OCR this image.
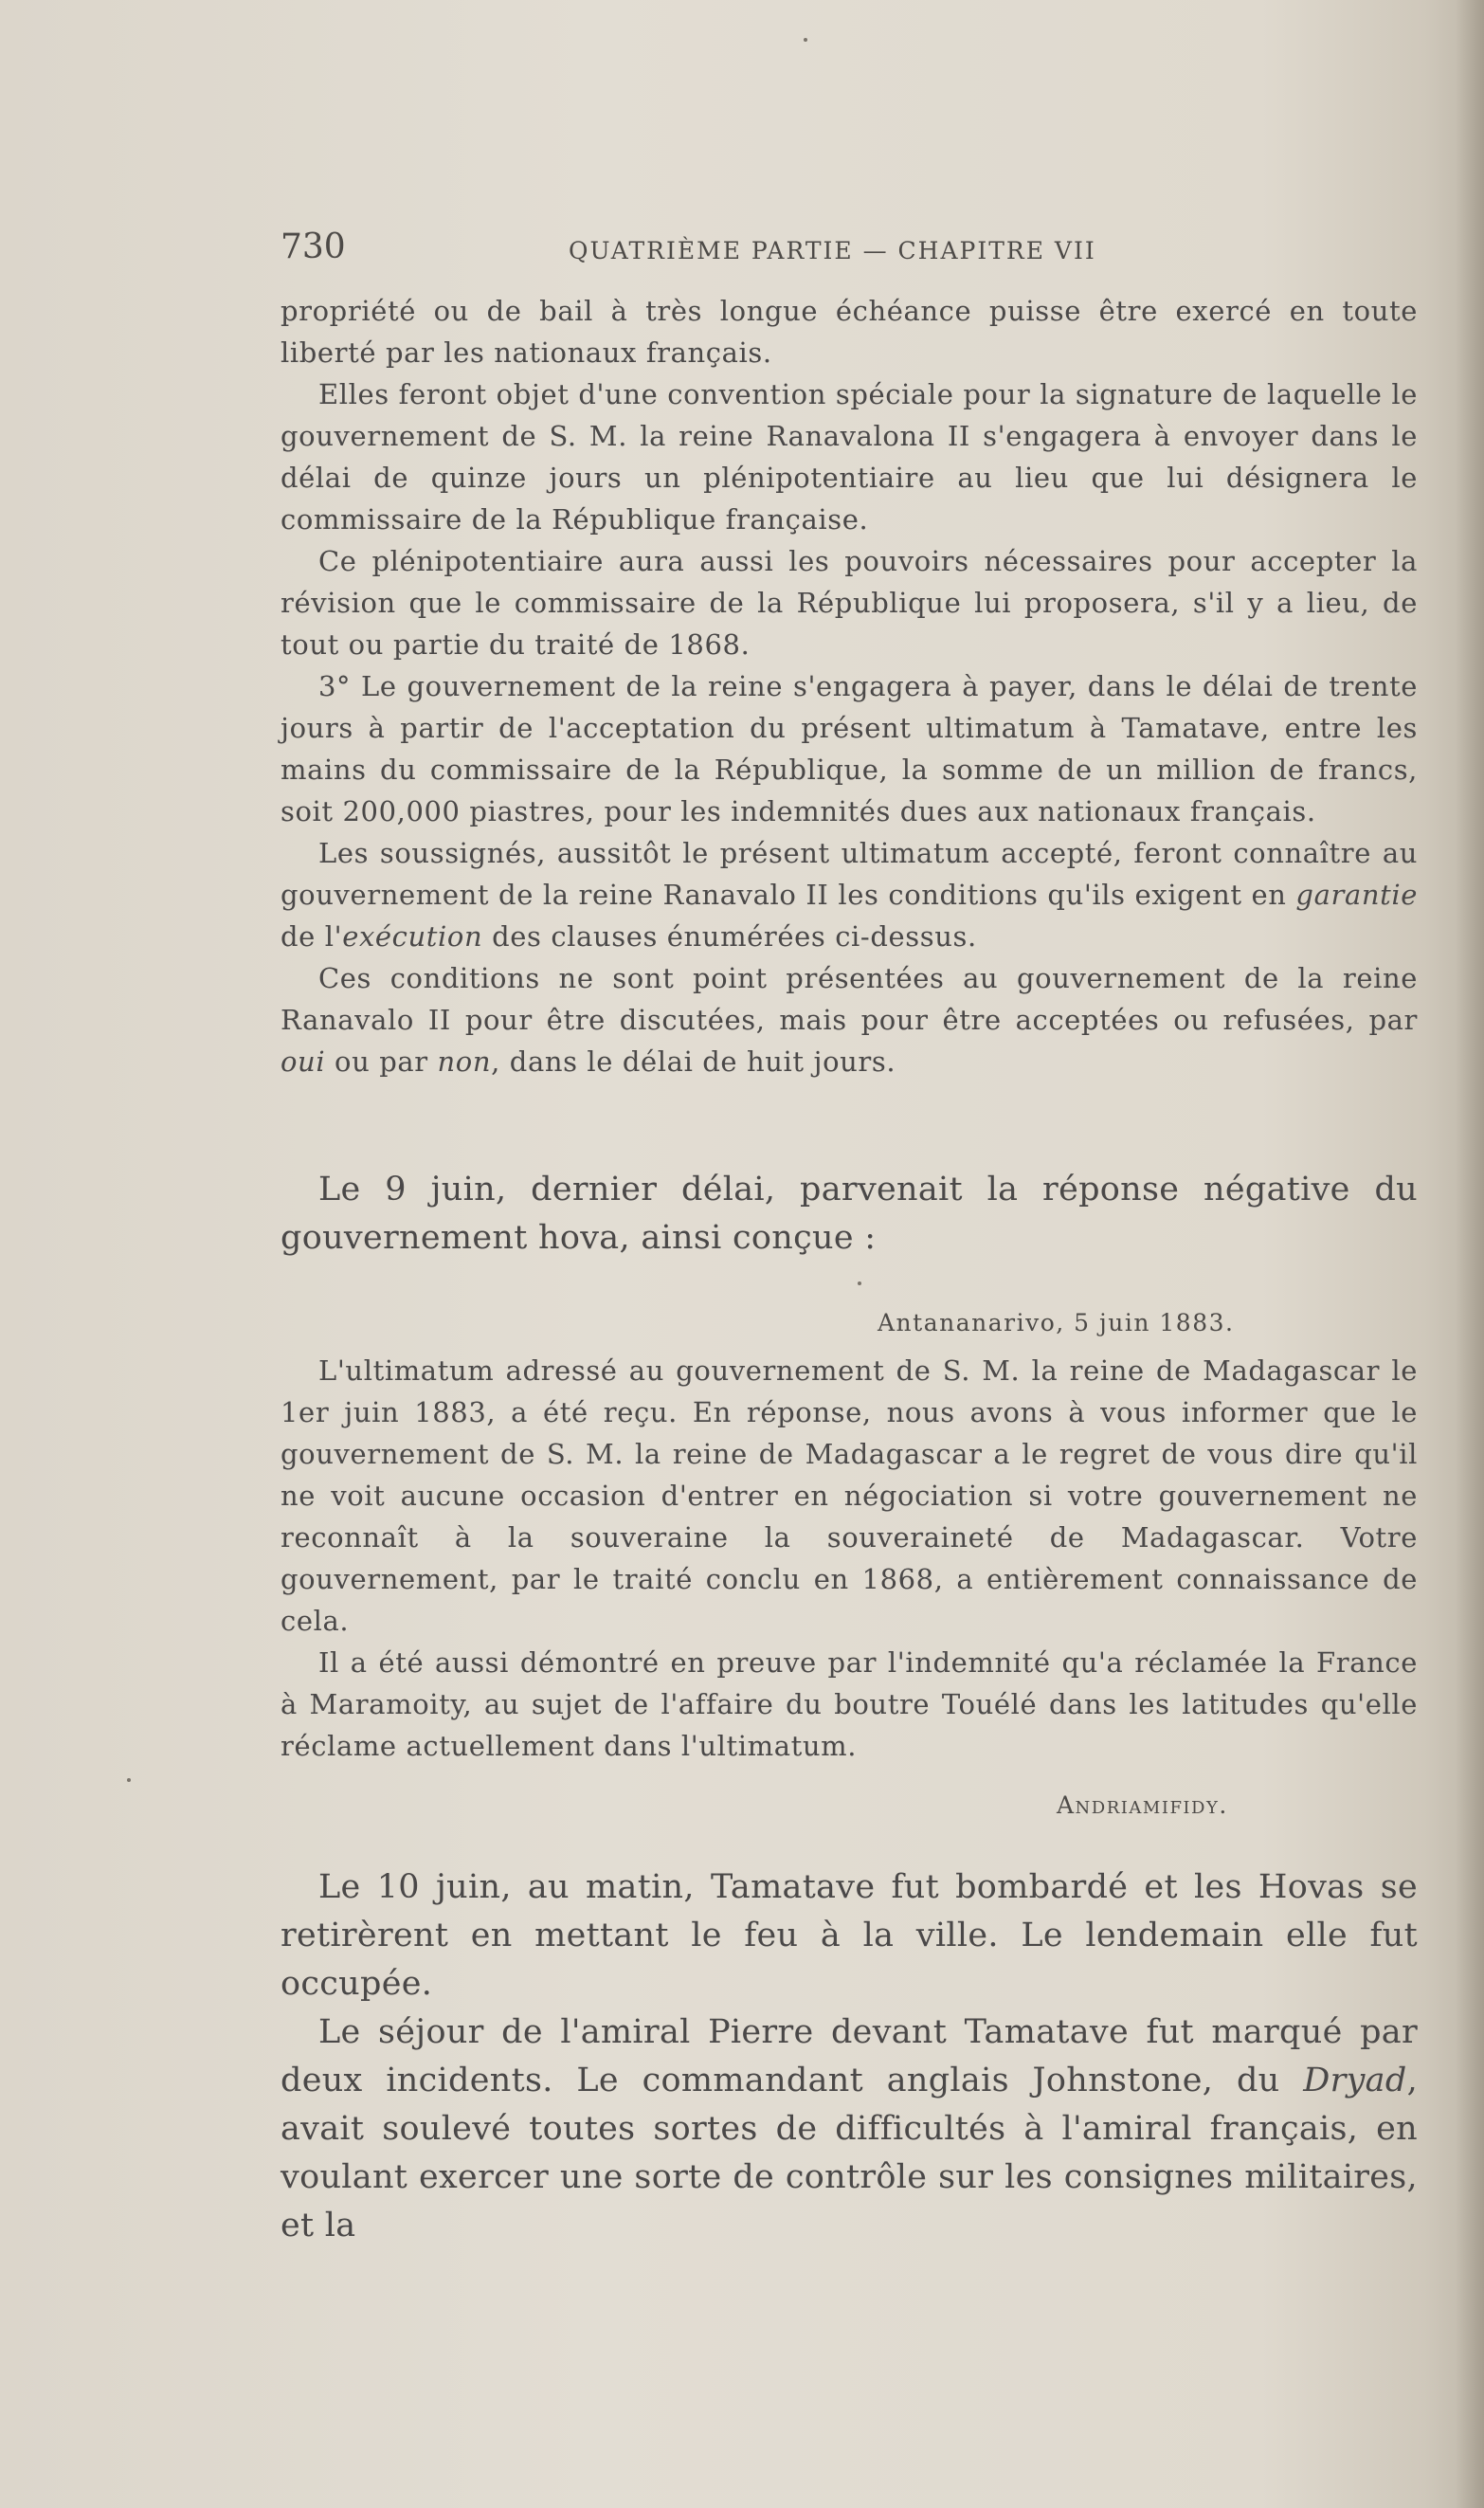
730	QUATRIÈME PARTIE — CHAPITRE VII

propriété ou de bail à très longue échéance puisse être exercé en toute liberté par les nationaux français.

Elles feront objet d'une convention spéciale pour la signature de laquelle le gouvernement de S. M. la reine Ranavalona II s'engagera à envoyer dans le délai de quinze jours un plénipotentiaire au lieu que lui désignera le commissaire de la République française.

Ce plénipotentiaire aura aussi les pouvoirs nécessaires pour accepter la révision que le commissaire de la République lui proposera, s'il y a lieu, de tout ou partie du traité de 1868.

3° Le gouvernement de la reine s'engagera à payer, dans le délai de trente jours à partir de l'acceptation du présent ultimatum à Tamatave, entre les mains du commissaire de la République, la somme de un million de francs, soit 200,000 piastres, pour les indemnités dues aux nationaux français.

Les soussignés, aussitôt le présent ultimatum accepté, feront connaître au gouvernement de la reine Ranavalo II les conditions qu'ils exigent en garantie de l'exécution des clauses énumérées ci-dessus.

Ces conditions ne sont point présentées au gouvernement de la reine Ranavalo II pour être discutées, mais pour être acceptées ou refusées, par oui ou par non, dans le délai de huit jours.

Le 9 juin, dernier délai, parvenait la réponse négative du gouvernement hova, ainsi conçue :

Antananarivo, 5 juin 1883.

L'ultimatum adressé au gouvernement de S. M. la reine de Madagascar le 1er juin 1883, a été reçu. En réponse, nous avons à vous informer que le gouvernement de S. M. la reine de Madagascar a le regret de vous dire qu'il ne voit aucune occasion d'entrer en négociation si votre gouvernement ne reconnaît à la souveraine la souveraineté de Madagascar. Votre gouvernement, par le traité conclu en 1868, a entièrement connaissance de cela.

Il a été aussi démontré en preuve par l'indemnité qu'a réclamée la France à Maramoity, au sujet de l'affaire du boutre Touélé dans les latitudes qu'elle réclame actuellement dans l'ultimatum.

Andriamifidy.

Le 10 juin, au matin, Tamatave fut bombardé et les Hovas se retirèrent en mettant le feu à la ville. Le lendemain elle fut occupée.

Le séjour de l'amiral Pierre devant Tamatave fut marqué par deux incidents. Le commandant anglais Johnstone, du Dryad, avait soulevé toutes sortes de difficultés à l'amiral français, en voulant exercer une sorte de contrôle sur les consignes militaires, et la
